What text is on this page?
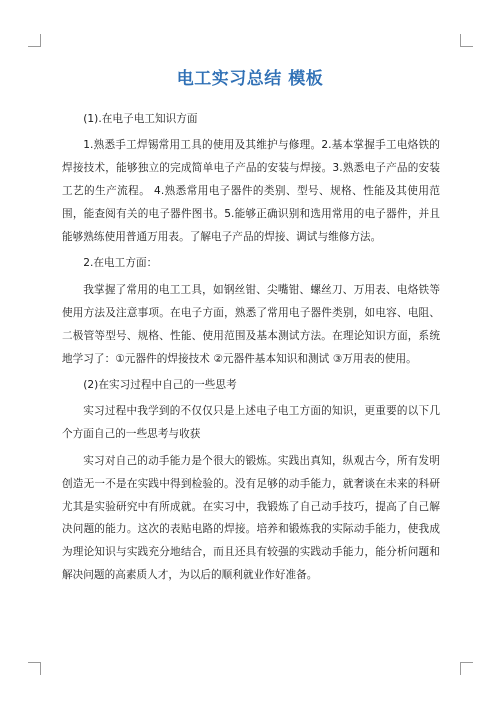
电工实习总结 模板

(1).在电子电工知识方面

1.熟悉手工焊锡常用工具的使用及其维护与修理。2.基本掌握手工电烙铁的焊接技术，能够独立的完成简单电子产品的安装与焊接。3.熟悉电子产品的安装工艺的生产流程。 4.熟悉常用电子器件的类别、型号、规格、性能及其使用范围，能查阅有关的电子器件图书。5.能够正确识别和选用常用的电子器件，并且能够熟练使用普通万用表。了解电子产品的焊接、调试与维修方法。

2.在电工方面：

我掌握了常用的电工工具，如钢丝钳、尖嘴钳、螺丝刀、万用表、电烙铁等使用方法及注意事项。在电子方面，熟悉了常用电子器件类别，如电容、电阻、二极管等型号、规格、性能、使用范围及基本测试方法。在理论知识方面，系统地学习了：①元器件的焊接技术 ②元器件基本知识和测试 ③万用表的使用。

(2)在实习过程中自己的一些思考

实习过程中我学到的不仅仅只是上述电子电工方面的知识，更重要的以下几个方面自己的一些思考与收获

实习对自己的动手能力是个很大的锻炼。实践出真知，纵观古今，所有发明创造无一不是在实践中得到检验的。没有足够的动手能力，就奢谈在未来的科研尤其是实验研究中有所成就。在实习中，我锻炼了自己动手技巧，提高了自己解决问题的能力。这次的表贴电路的焊接。培养和锻炼我的实际动手能力，使我成为理论知识与实践充分地结合，而且还具有较强的实践动手能力，能分析问题和解决问题的高素质人才，为以后的顺利就业作好准备。
